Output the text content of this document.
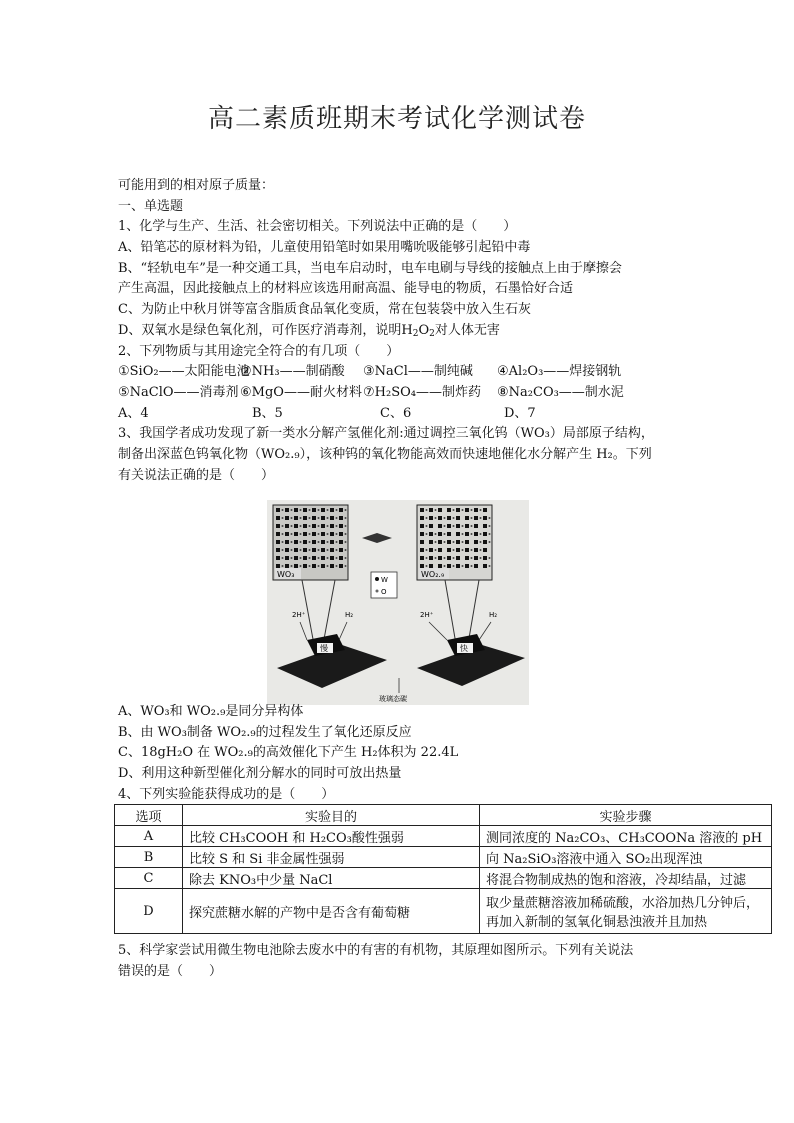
高二素质班期末考试化学测试卷
可能用到的相对原子质量：
一、单选题
1、化学与生产、生活、社会密切相关。下列说法中正确的是（　　）
A、铅笔芯的原材料为铅，儿童使用铅笔时如果用嘴吮吸能够引起铅中毒
B、“轻轨电车”是一种交通工具，当电车启动时，电车电刷与导线的接触点上由于摩擦会
产生高温，因此接触点上的材料应该选用耐高温、能导电的物质，石墨恰好合适
C、为防止中秋月饼等富含脂质食品氧化变质，常在包装袋中放入生石灰
D、双氧水是绿色氧化剂，可作医疗消毒剂，说明$H_2O_2$对人体无害
2、下列物质与其用途完全符合的有几项（　　）
①SiO₂——太阳能电池
②NH₃——制硝酸	③NaCl——制纯碱	④Al₂O₃——焊接钢轨
⑤NaClO——消毒剂 ⑥MgO——耐火材料 ⑦H₂SO₄——制炸药	⑧Na₂CO₃——制水泥
A、4	B、5	C、6	D、7
3、我国学者成功发现了新一类水分解产氢催化剂:通过调控三氧化钨（WO₃）局部原子结构，
制备出深蓝色钨氧化物（WO₂.₉），该种钨的氧化物能高效而快速地催化水分解产生 H₂。下列
有关说法正确的是（　　）
WO₃	WO₂.₉
W
O
2H⁺	H₂	2H⁺	H₂
慢	快
玻璃态碳
A、WO₃和 WO₂.₉是同分异构体
B、由 WO₃制备 WO₂.₉的过程发生了氧化还原反应
C、18gH₂O 在 WO₂.₉的高效催化下产生 H₂体积为 22.4L
D、利用这种新型催化剂分解水的同时可放出热量
4、下列实验能获得成功的是（　　）
选项	实验目的	实验步骤
A	比较 CH₃COOH 和 H₂CO₃酸性强弱	测同浓度的 Na₂CO₃、CH₃COONa 溶液的 pH
B	比较 S 和 Si 非金属性强弱	向 Na₂SiO₃溶液中通入 SO₂出现浑浊
C	除去 KNO₃中少量 NaCl	将混合物制成热的饱和溶液，冷却结晶，过滤
D	探究蔗糖水解的产物中是否含有葡萄糖	取少量蔗糖溶液加稀硫酸，水浴加热几分钟后，
再加入新制的氢氧化铜悬浊液并且加热
5、科学家尝试用微生物电池除去废水中的有害的有机物，其原理如图所示。下列有关说法
错误的是（　　）
